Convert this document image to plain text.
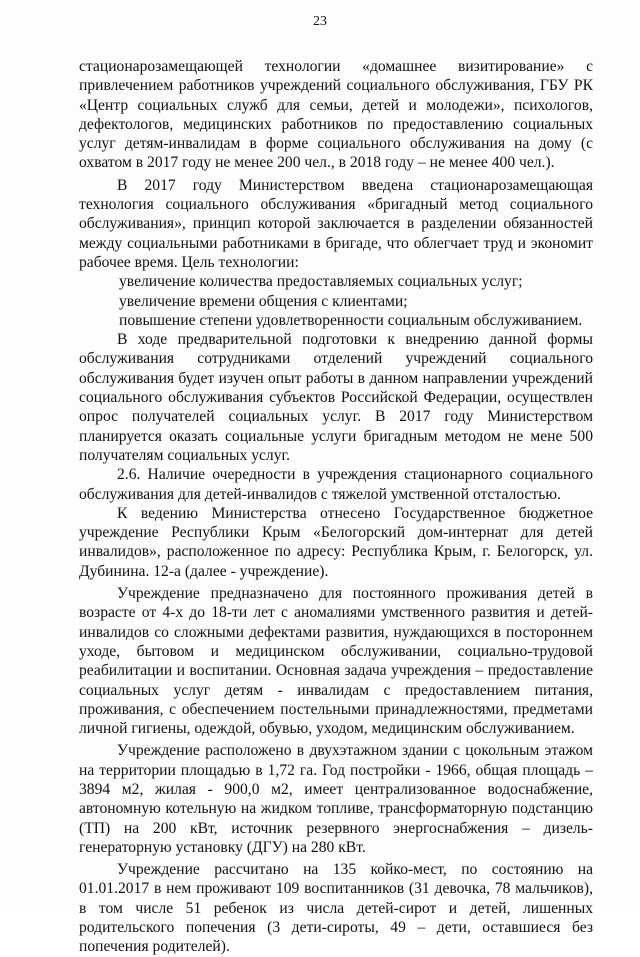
23

стационарозамещающей технологии «домашнее визитирование» с привлечением работников учреждений социального обслуживания, ГБУ РК «Центр социальных служб для семьи, детей и молодежи», психологов, дефектологов, медицинских работников по предоставлению социальных услуг детям-инвалидам в форме социального обслуживания на дому (с охватом в 2017 году не менее 200 чел., в 2018 году – не менее 400 чел.).

В 2017 году Министерством введена стационарозамещающая технология социального обслуживания «бригадный метод социального обслуживания», принцип которой заключается в разделении обязанностей между социальными работниками в бригаде, что облегчает труд и экономит рабочее время. Цель технологии:

увеличение количества предоставляемых социальных услуг;

увеличение времени общения с клиентами;

повышение степени удовлетворенности социальным обслуживанием.

В ходе предварительной подготовки к внедрению данной формы обслуживания сотрудниками отделений учреждений социального обслуживания будет изучен опыт работы в данном направлении учреждений социального обслуживания субъектов Российской Федерации, осуществлен опрос получателей социальных услуг. В 2017 году Министерством планируется оказать социальные услуги бригадным методом не мене 500 получателям социальных услуг.

2.6. Наличие очередности в учреждения стационарного социального обслуживания для детей-инвалидов с тяжелой умственной отсталостью.

К ведению Министерства отнесено Государственное бюджетное учреждение Республики Крым «Белогорский дом-интернат для детей инвалидов», расположенное по адресу: Республика Крым, г. Белогорск, ул. Дубинина. 12-а (далее - учреждение).

Учреждение предназначено для постоянного проживания детей в возрасте от 4-х до 18-ти лет с аномалиями умственного развития и детей-инвалидов со сложными дефектами развития, нуждающихся в постороннем уходе, бытовом и медицинском обслуживании, социально-трудовой реабилитации и воспитании. Основная задача учреждения – предоставление социальных услуг детям - инвалидам с предоставлением питания, проживания, с обеспечением постельными принадлежностями, предметами личной гигиены, одеждой, обувью, уходом, медицинским обслуживанием.

Учреждение расположено в двухэтажном здании с цокольным этажом на территории площадью в 1,72 га. Год постройки - 1966, общая площадь – 3894 м2, жилая - 900,0 м2, имеет централизованное водоснабжение, автономную котельную на жидком топливе, трансформаторную подстанцию (ТП) на 200 кВт, источник резервного энергоснабжения – дизель-генераторную установку (ДГУ) на 280 кВт.

Учреждение рассчитано на 135 койко-мест, по состоянию на 01.01.2017 в нем проживают 109 воспитанников (31 девочка, 78 мальчиков), в том числе 51 ребенок из числа детей-сирот и детей, лишенных родительского попечения (3 дети-сироты, 49 – дети, оставшиеся без попечения родителей).
